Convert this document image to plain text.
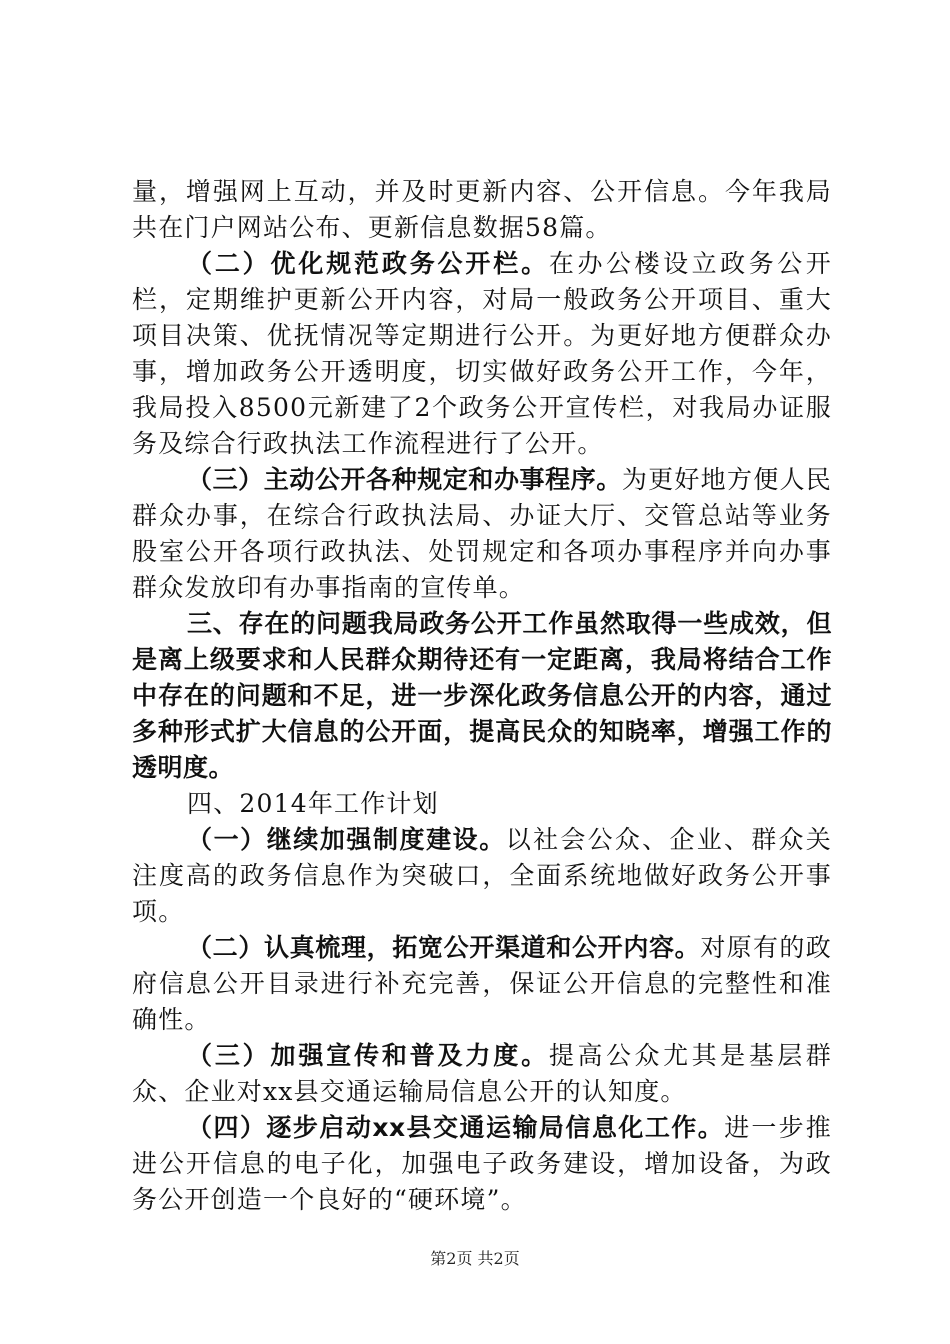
量，增强网上互动，并及时更新内容、公开信息。今年我局共在门户网站公布、更新信息数据58篇。

（二）优化规范政务公开栏。在办公楼设立政务公开栏，定期维护更新公开内容，对局一般政务公开项目、重大项目决策、优抚情况等定期进行公开。为更好地方便群众办事，增加政务公开透明度，切实做好政务公开工作，今年，我局投入8500元新建了2个政务公开宣传栏，对我局办证服务及综合行政执法工作流程进行了公开。

（三）主动公开各种规定和办事程序。为更好地方便人民群众办事，在综合行政执法局、办证大厅、交管总站等业务股室公开各项行政执法、处罚规定和各项办事程序并向办事群众发放印有办事指南的宣传单。

三、存在的问题我局政务公开工作虽然取得一些成效，但是离上级要求和人民群众期待还有一定距离，我局将结合工作中存在的问题和不足，进一步深化政务信息公开的内容，通过多种形式扩大信息的公开面，提高民众的知晓率，增强工作的透明度。

四、2014年工作计划

（一）继续加强制度建设。以社会公众、企业、群众关注度高的政务信息作为突破口，全面系统地做好政务公开事项。

（二）认真梳理，拓宽公开渠道和公开内容。对原有的政府信息公开目录进行补充完善，保证公开信息的完整性和准确性。

（三）加强宣传和普及力度。提高公众尤其是基层群众、企业对xx县交通运输局信息公开的认知度。

（四）逐步启动xx县交通运输局信息化工作。进一步推进公开信息的电子化，加强电子政务建设，增加设备，为政务公开创造一个良好的“硬环境”。

第2页 共2页
